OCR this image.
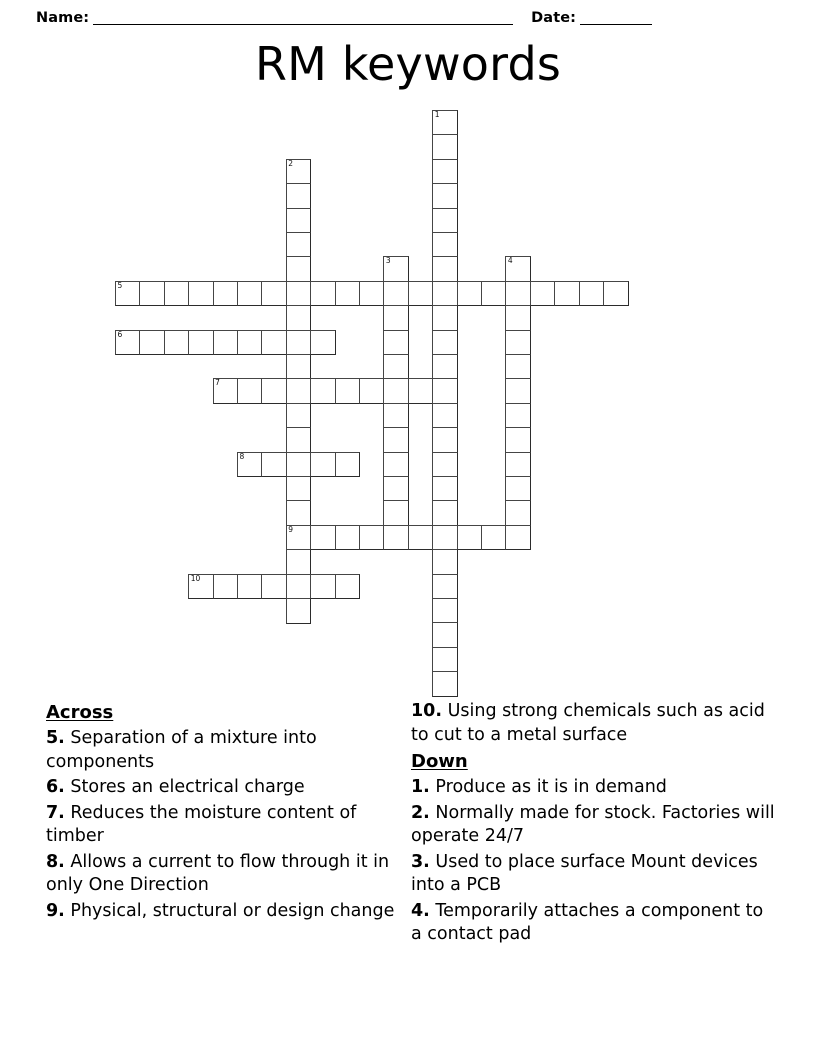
Name:	Date:
RM keywords
1
2
3	4
5
6
7
8
9
10
Across
5. Separation of a mixture into components
6. Stores an electrical charge
7. Reduces the moisture content of timber
8. Allows a current to flow through it in only One Direction
9. Physical, structural or design change
10. Using strong chemicals such as acid to cut to a metal surface
Down
1. Produce as it is in demand
2. Normally made for stock. Factories will operate 24/7
3. Used to place surface Mount devices into a PCB
4. Temporarily attaches a component to a contact pad
